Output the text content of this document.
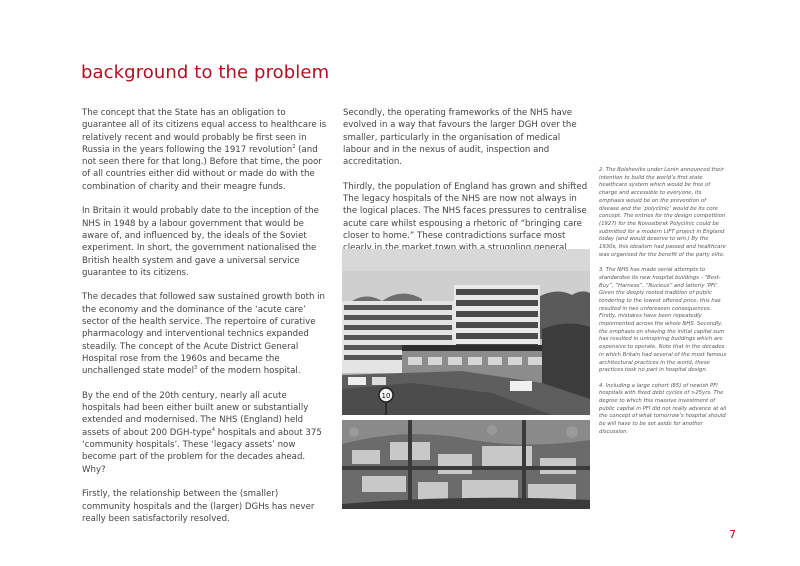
background to the problem

The concept that the State has an obligation to guarantee all of its citizens equal access to healthcare is relatively recent and would probably be first seen in Russia in the years following the 1917 revolution$^2$ (and not seen there for that long.) Before that time, the poor of all countries either did without or made do with the combination of charity and their meagre funds.

In Britain it would probably date to the inception of the NHS in 1948 by a labour government that would be aware of, and influenced by, the ideals of the Soviet experiment. In short, the government nationalised the British health system and gave a universal service guarantee to its citizens.

The decades that followed saw sustained growth both in the economy and the dominance of the ‘acute care’ sector of the health service. The repertoire of curative pharmacology and interventional technics expanded steadily. The concept of the Acute District General Hospital rose from the 1960s and became the unchallenged state model$^3$ of the modern hospital.

By the end of the 20th century, nearly all acute hospitals had been either built anew or substantially extended and modernised. The NHS (England) held assets of about 200 DGH-type$^4$ hospitals and about 375 ‘community hospitals’. These ‘legacy assets’ now become part of the problem for the decades ahead. Why?

Firstly, the relationship between the (smaller) community hospitals and the (larger) DGHs has never really been satisfactorily resolved.

Secondly, the operating frameworks of the NHS have evolved in a way that favours the larger DGH over the smaller, particularly in the organisation of medical labour and in the nexus of audit, inspection and accreditation.

Thirdly, the population of England has grown and shifted The legacy hospitals of the NHS are now not always in the logical places. The NHS faces pressures to centralise acute care whilst espousing a rhetoric of “bringing care closer to home.” These contradictions surface most

10

2. The Bolsheviks under Lenin announced their intention to build the world’s first state healthcare system which would be free of charge and accessible to everyone, its emphasis would be on the prevention of disease and the ‘polyclinic’ would be its core concept. The entries for the design competition (1927) for the Novosibirsk Polyclinic could be submitted for a modern LIFT project in England today (and would deserve to win.) By the 1930s, this idealism had passed and healthcare was organised for the benefit of the party elite.

3. The NHS has made serial attempts to standardise its new hospital buildings - “Best-Buy”, “Harness”, “Nucleus” and latterly ‘PFI’. Given the deeply rooted tradition of public tendering to the lowest offered price, this has resulted in two unforeseen consequences. Firstly, mistakes have been repeatedly implemented across the whole NHS. Secondly, the emphasis on shaving the initial capital sum has resulted in uninspiring buildings which are expensive to operate. Note that in the decades in which Britain had several of the most famous architectural practices in the world, these practices took no part in hospital design.

4. Including a large cohort (85) of newish PFI hospitals with fixed debt cycles of >25yrs. The degree to which this massive investment of public capital in PFI did not really advance at all the concept of what tomorrow’s hospital should be will have to be set aside for another discussion.

7
